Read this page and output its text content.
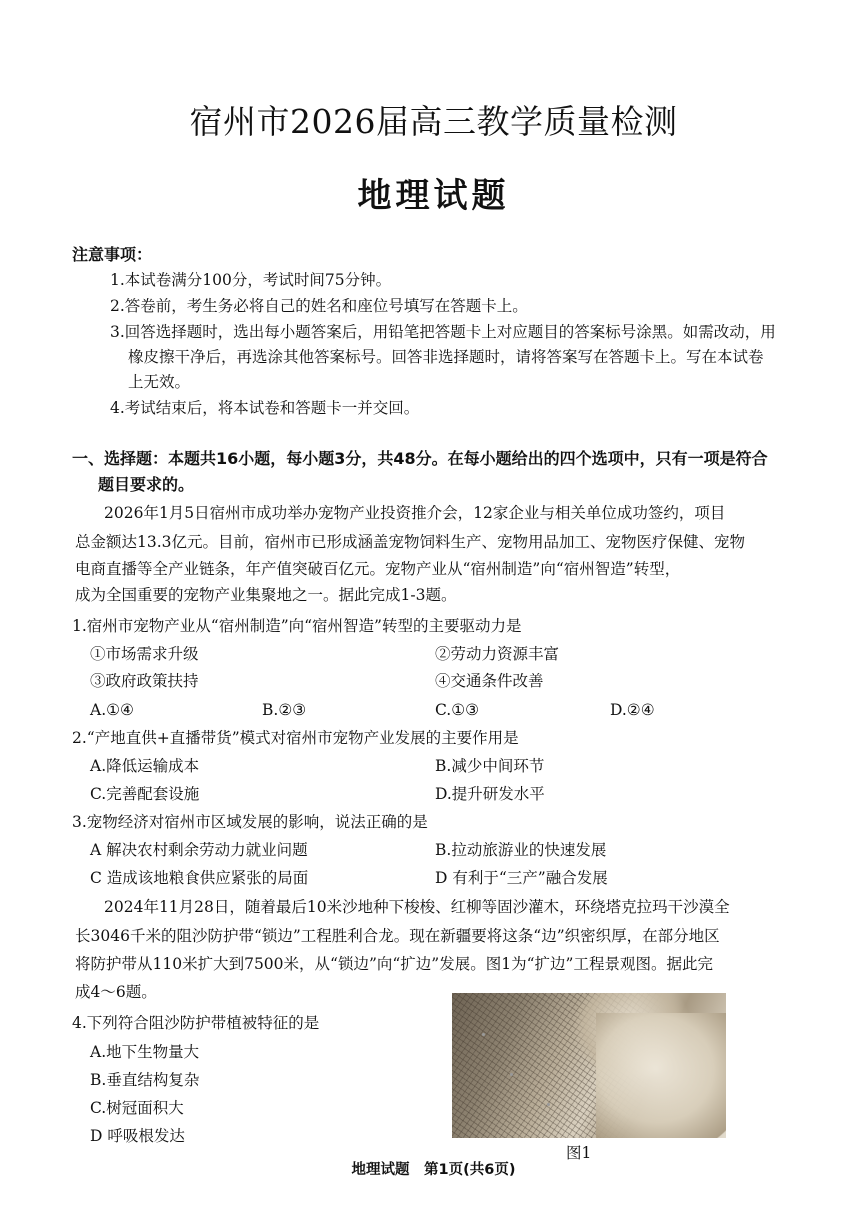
宿州市2026届高三教学质量检测
地理试题
注意事项：
1.本试卷满分100分，考试时间75分钟。
2.答卷前，考生务必将自己的姓名和座位号填写在答题卡上。
3.回答选择题时，选出每小题答案后，用铅笔把答题卡上对应题目的答案标号涂黑。如需改动，用
橡皮擦干净后，再选涂其他答案标号。回答非选择题时，请将答案写在答题卡上。写在本试卷
上无效。
4.考试结束后，将本试卷和答题卡一并交回。
一、选择题：本题共16小题，每小题3分，共48分。在每小题给出的四个选项中，只有一项是符合
题目要求的。
2026年1月5日宿州市成功举办宠物产业投资推介会，12家企业与相关单位成功签约，项目
总金额达13.3亿元。目前，宿州市已形成涵盖宠物饲料生产、宠物用品加工、宠物医疗保健、宠物
电商直播等全产业链条，年产值突破百亿元。宠物产业从“宿州制造”向“宿州智造”转型，
成为全国重要的宠物产业集聚地之一。据此完成1-3题。
1.宿州市宠物产业从“宿州制造”向“宿州智造”转型的主要驱动力是
①市场需求升级	②劳动力资源丰富
③政府政策扶持	④交通条件改善
A.①④	B.②③	C.①③	D.②④
2.“产地直供+直播带货”模式对宿州市宠物产业发展的主要作用是
A.降低运输成本	B.减少中间环节
C.完善配套设施	D.提升研发水平
3.宠物经济对宿州市区域发展的影响，说法正确的是
A 解决农村剩余劳动力就业问题	B.拉动旅游业的快速发展
C 造成该地粮食供应紧张的局面	D 有利于“三产”融合发展
2024年11月28日，随着最后10米沙地种下梭梭、红柳等固沙灌木，环绕塔克拉玛干沙漠全
长3046千米的阻沙防护带“锁边”工程胜利合龙。现在新疆要将这条“边”织密织厚，在部分地区
将防护带从110米扩大到7500米，从“锁边”向“扩边”发展。图1为“扩边”工程景观图。据此完
成4～6题。
4.下列符合阻沙防护带植被特征的是
A.地下生物量大
B.垂直结构复杂
C.树冠面积大
D 呼吸根发达
图1
地理试题　第1页(共6页)
